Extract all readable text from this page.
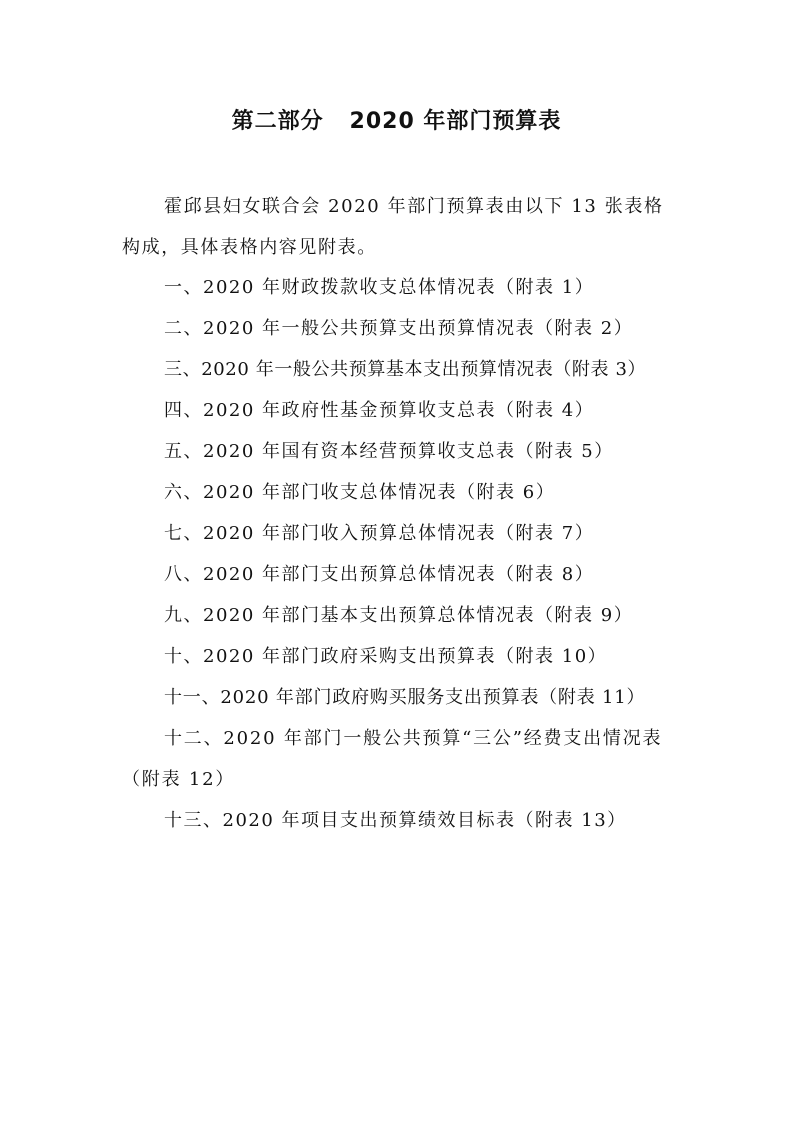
第二部分   2020 年部门预算表

霍邱县妇女联合会 2020 年部门预算表由以下 13 张表格构成，具体表格内容见附表。

一、2020 年财政拨款收支总体情况表（附表 1）
二、2020 年一般公共预算支出预算情况表（附表 2）
三、2020 年一般公共预算基本支出预算情况表（附表 3）
四、2020 年政府性基金预算收支总表（附表 4）
五、2020 年国有资本经营预算收支总表（附表 5）
六、2020 年部门收支总体情况表（附表 6）
七、2020 年部门收入预算总体情况表（附表 7）
八、2020 年部门支出预算总体情况表（附表 8）
九、2020 年部门基本支出预算总体情况表（附表 9）
十、2020 年部门政府采购支出预算表（附表 10）
十一、2020 年部门政府购买服务支出预算表（附表 11）
十二、2020 年部门一般公共预算“三公”经费支出情况表（附表 12）
十三、2020 年项目支出预算绩效目标表（附表 13）
